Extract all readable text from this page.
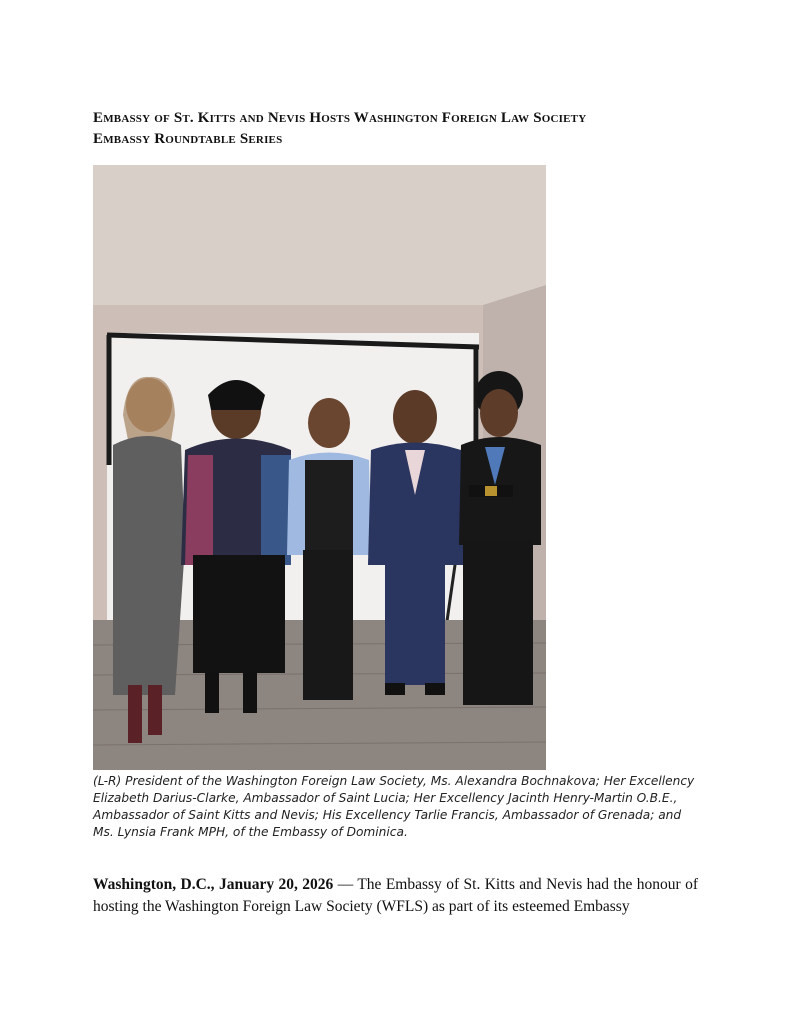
Embassy of St. Kitts and Nevis Hosts Washington Foreign Law Society
Embassy Roundtable Series
(L-R) President of the Washington Foreign Law Society, Ms. Alexandra Bochnakova; Her Excellency Elizabeth Darius-Clarke, Ambassador of Saint Lucia; Her Excellency Jacinth Henry-Martin O.B.E., Ambassador of Saint Kitts and Nevis; His Excellency Tarlie Francis, Ambassador of Grenada; and Ms. Lynsia Frank MPH, of the Embassy of Dominica.

Washington, D.C., January 20, 2026 — The Embassy of St. Kitts and Nevis had the honour of hosting the Washington Foreign Law Society (WFLS) as part of its esteemed Embassy
